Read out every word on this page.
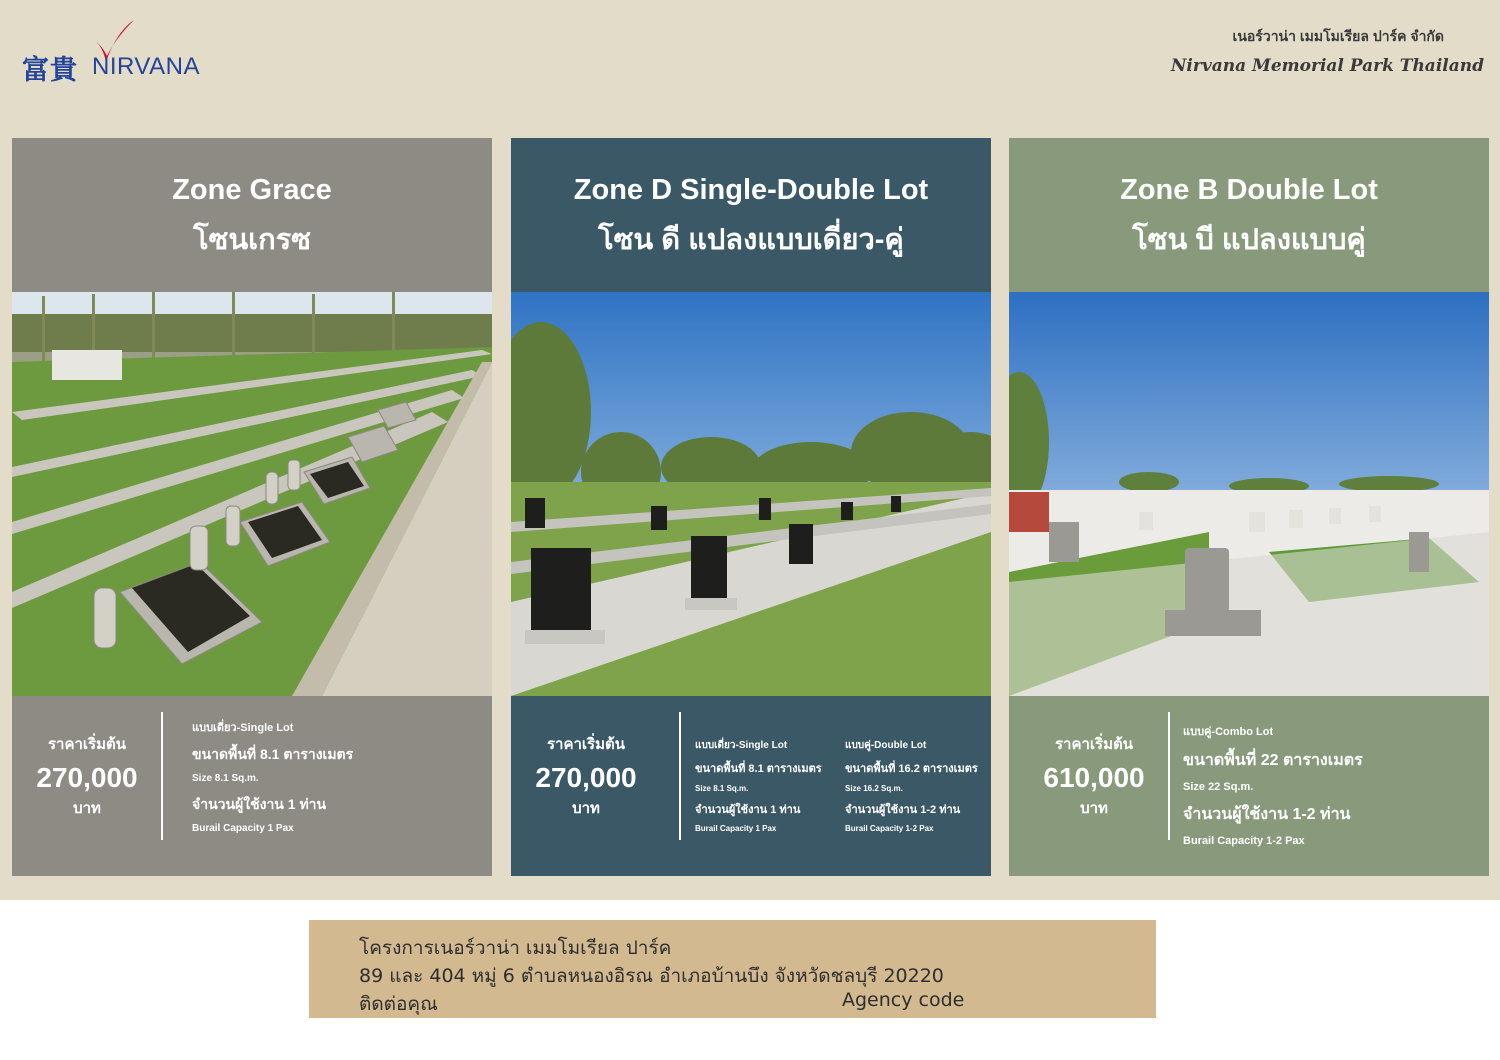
富貴 NIRVANA
เนอร์วาน่า เมมโมเรียล ปาร์ค จำกัด
Nirvana Memorial Park Thailand
Zone Grace
โซนเกรซ
ราคาเริ่มต้น
270,000
บาท
แบบเดี่ยว-Single Lot
ขนาดพื้นที่ 8.1 ตารางเมตร
Size 8.1 Sq.m.
จำนวนผู้ใช้งาน 1 ท่าน
Burail Capacity 1 Pax
Zone D Single-Double Lot
โซน ดี แปลงแบบเดี่ยว-คู่
ราคาเริ่มต้น
270,000
บาท
แบบเดี่ยว-Single Lot
ขนาดพื้นที่ 8.1 ตารางเมตร
Size 8.1 Sq.m.
จำนวนผู้ใช้งาน 1 ท่าน
Burail Capacity 1 Pax
แบบคู่-Double Lot
ขนาดพื้นที่ 16.2 ตารางเมตร
Size 16.2 Sq.m.
จำนวนผู้ใช้งาน 1-2 ท่าน
Burail Capacity 1-2 Pax
Zone B Double Lot
โซน บี แปลงแบบคู่
ราคาเริ่มต้น
610,000
บาท
แบบคู่-Combo Lot
ขนาดพื้นที่ 22 ตารางเมตร
Size 22 Sq.m.
จำนวนผู้ใช้งาน 1-2 ท่าน
Burail Capacity 1-2 Pax
โครงการเนอร์วาน่า เมมโมเรียล ปาร์ค
89 และ 404 หมู่ 6 ตำบลหนองอิรณ อำเภอบ้านบึง จังหวัดชลบุรี 20220
ติดต่อคุณ	Agency code
